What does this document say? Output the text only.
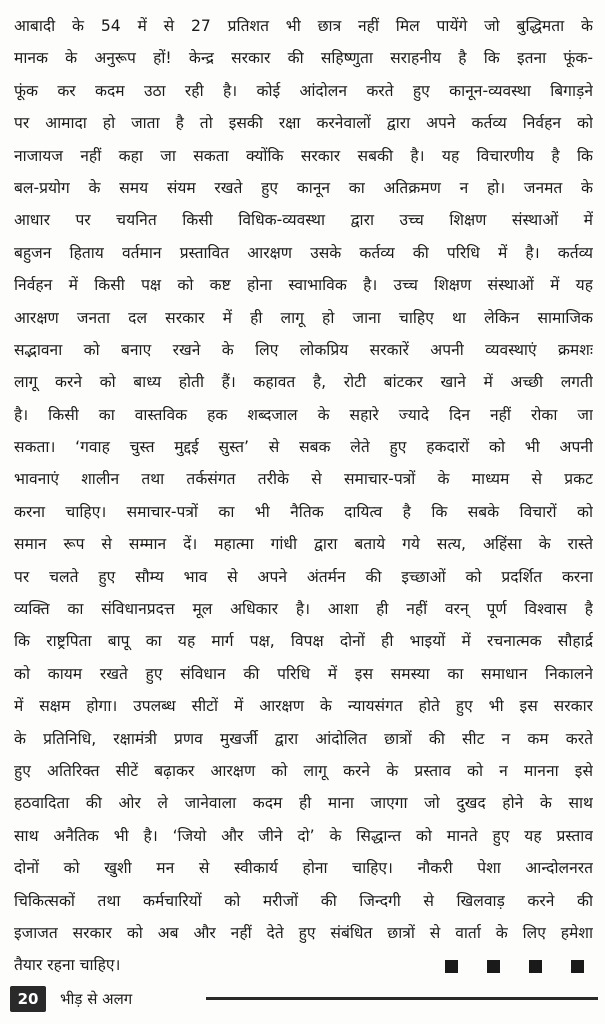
आबादी के 54 में से 27 प्रतिशत भी छात्र नहीं मिल पायेंगे जो बुद्धिमता के
मानक के अनुरूप हों! केन्द्र सरकार की सहिष्णुता सराहनीय है कि इतना फूंक-
फूंक कर कदम उठा रही है। कोई आंदोलन करते हुए कानून-व्यवस्था बिगाड़ने
पर आमादा हो जाता है तो इसकी रक्षा करनेवालों द्वारा अपने कर्तव्य निर्वहन को
नाजायज नहीं कहा जा सकता क्योंकि सरकार सबकी है। यह विचारणीय है कि
बल-प्रयोग के समय संयम रखते हुए कानून का अतिक्रमण न हो। जनमत के
आधार पर चयनित किसी विधिक-व्यवस्था द्वारा उच्च शिक्षण संस्थाओं में
बहुजन हिताय वर्तमान प्रस्तावित आरक्षण उसके कर्तव्य की परिधि में है। कर्तव्य
निर्वहन में किसी पक्ष को कष्ट होना स्वाभाविक है। उच्च शिक्षण संस्थाओं में यह
आरक्षण जनता दल सरकार में ही लागू हो जाना चाहिए था लेकिन सामाजिक
सद्भावना को बनाए रखने के लिए लोकप्रिय सरकारें अपनी व्यवस्थाएं क्रमशः
लागू करने को बाध्य होती हैं। कहावत है, रोटी बांटकर खाने में अच्छी लगती
है। किसी का वास्तविक हक शब्दजाल के सहारे ज्यादे दिन नहीं रोका जा
सकता। ‘गवाह चुस्त मुद्दई सुस्त’ से सबक लेते हुए हकदारों को भी अपनी
भावनाएं शालीन तथा तर्कसंगत तरीके से समाचार-पत्रों के माध्यम से प्रकट
करना चाहिए। समाचार-पत्रों का भी नैतिक दायित्व है कि सबके विचारों को
समान रूप से सम्मान दें। महात्मा गांधी द्वारा बताये गये सत्य, अहिंसा के रास्ते
पर चलते हुए सौम्य भाव से अपने अंतर्मन की इच्छाओं को प्रदर्शित करना
व्यक्ति का संविधानप्रदत्त मूल अधिकार है। आशा ही नहीं वरन् पूर्ण विश्वास है
कि राष्ट्रपिता बापू का यह मार्ग पक्ष, विपक्ष दोनों ही भाइयों में रचनात्मक सौहार्द्र
को कायम रखते हुए संविधान की परिधि में इस समस्या का समाधान निकालने
में सक्षम होगा। उपलब्ध सीटों में आरक्षण के न्यायसंगत होते हुए भी इस सरकार
के प्रतिनिधि, रक्षामंत्री प्रणव मुखर्जी द्वारा आंदोलित छात्रों की सीट न कम करते
हुए अतिरिक्त सीटें बढ़ाकर आरक्षण को लागू करने के प्रस्ताव को न मानना इसे
हठवादिता की ओर ले जानेवाला कदम ही माना जाएगा जो दुखद होने के साथ
साथ अनैतिक भी है। ‘जियो और जीने दो’ के सिद्धान्त को मानते हुए यह प्रस्ताव
दोनों को खुशी मन से स्वीकार्य होना चाहिए। नौकरी पेशा आन्दोलनरत
चिकित्सकों तथा कर्मचारियों को मरीजों की जिन्दगी से खिलवाड़ करने की
इजाजत सरकार को अब और नहीं देते हुए संबंधित छात्रों से वार्ता के लिए हमेशा
तैयार रहना चाहिए।
20	भीड़ से अलग
